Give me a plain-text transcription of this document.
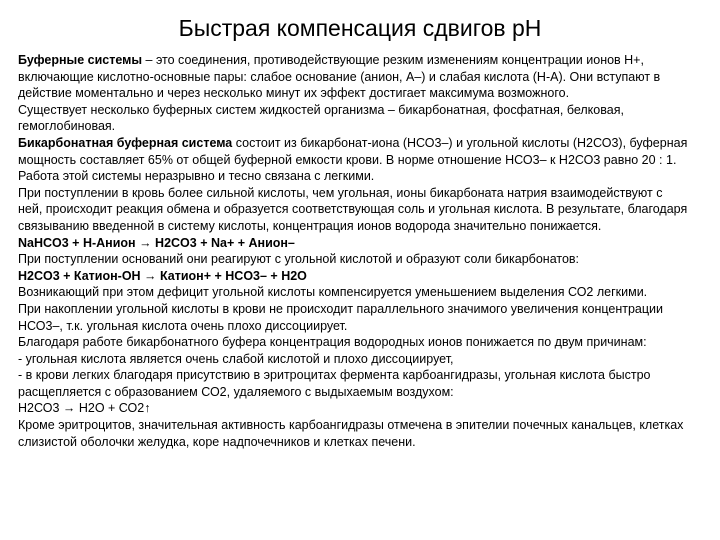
Быстрая компенсация сдвигов pH

Буферные системы – это соединения, противодействующие резким изменениям концентрации ионов Н+, включающие кислотно-основные пары: слабое основание (анион, А–) и слабая кислота (Н-А). Они вступают в действие моментально и через несколько минут их эффект достигает максимума возможного.

Существует несколько буферных систем жидкостей организма – бикарбонатная, фосфатная, белковая, гемоглобиновая.

Бикарбонатная буферная система состоит из бикарбонат-иона (НСО3–) и угольной кислоты (Н2СО3), буферная мощность составляет 65% от общей буферной емкости крови. В норме отношение НСО3– к Н2СО3 равно 20 : 1. Работа этой системы неразрывно и тесно связана с легкими.

При поступлении в кровь более сильной кислоты, чем угольная, ионы бикарбоната натрия взаимодействуют с ней, происходит реакция обмена и образуется соответствующая соль и угольная кислота. В результате, благодаря связыванию введенной в систему кислоты, концентрация ионов водорода значительно понижается.

NaHCO3 + H-Анион → H2CO3 + Na+ + Анион–

При поступлении оснований они реагируют с угольной кислотой и образуют соли бикарбонатов:

H2CO3 + Катион-OH → Катион+ + HCO3– + H2O

Возникающий при этом дефицит угольной кислоты компенсируется уменьшением выделения СО2 легкими.

При накоплении угольной кислоты в крови не происходит параллельного значимого увеличения концентрации НСО3–, т.к. угольная кислота очень плохо диссоциирует.

Благодаря работе бикарбонатного буфера концентрация водородных ионов понижается по двум причинам:

- угольная кислота является очень слабой кислотой и плохо диссоциирует,

- в крови легких благодаря присутствию в эритроцитах фермента карбоангидразы, угольная кислота быстро расщепляется с образованием СО2, удаляемого с выдыхаемым воздухом:

Н2СО3 → Н2О + СО2↑

Кроме эритроцитов, значительная активность карбоангидразы отмечена в эпителии почечных канальцев, клетках слизистой оболочки желудка, коре надпочечников и клетках печени.
